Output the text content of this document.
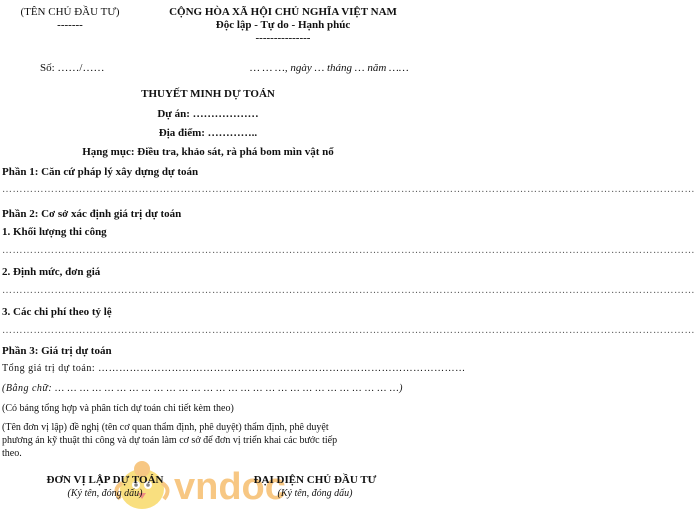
(TÊN CHỦ ĐẦU TƯ)
-------
CỘNG HÒA XÃ HỘI CHỦ NGHĨA VIỆT NAM
Độc lập - Tự do - Hạnh phúc
---------------
Số: ……/……	… … …, ngày … tháng … năm ……
THUYẾT MINH DỰ TOÁN
Dự án: ………………
Địa điểm: …………..
Hạng mục: Điều tra, khảo sát, rà phá bom mìn vật nổ
Phần 1: Căn cứ pháp lý xây dựng dự toán
………………………………………………………………………………………………………………………………………………………………………………
Phần 2: Cơ sở xác định giá trị dự toán
1. Khối lượng thi công
………………………………………………………………………………………………………………………………………………………………………………
2. Định mức, đơn giá
………………………………………………………………………………………………………………………………………………………………………………
3. Các chi phí theo tỷ lệ
………………………………………………………………………………………………………………………………………………………………………………
Phần 3: Giá trị dự toán
Tổng giá trị dự toán: ……………………………………………………………………………………………
(Bằng chữ: … … … … … … … … … … … … … … … … … … … … … … … … … … … …)
(Có bảng tổng hợp và phân tích dự toán chi tiết kèm theo)
(Tên đơn vị lập) đề nghị (tên cơ quan thẩm định, phê duyệt) thẩm định, phê duyệt
phương án kỹ thuật thi công và dự toán làm cơ sở để đơn vị triển khai các bước tiếp
theo.
vndoc
ĐƠN VỊ LẬP DỰ TOÁN
(Ký tên, đóng dấu)
ĐẠI DIỆN CHỦ ĐẦU TƯ
(Ký tên, đóng dấu)
